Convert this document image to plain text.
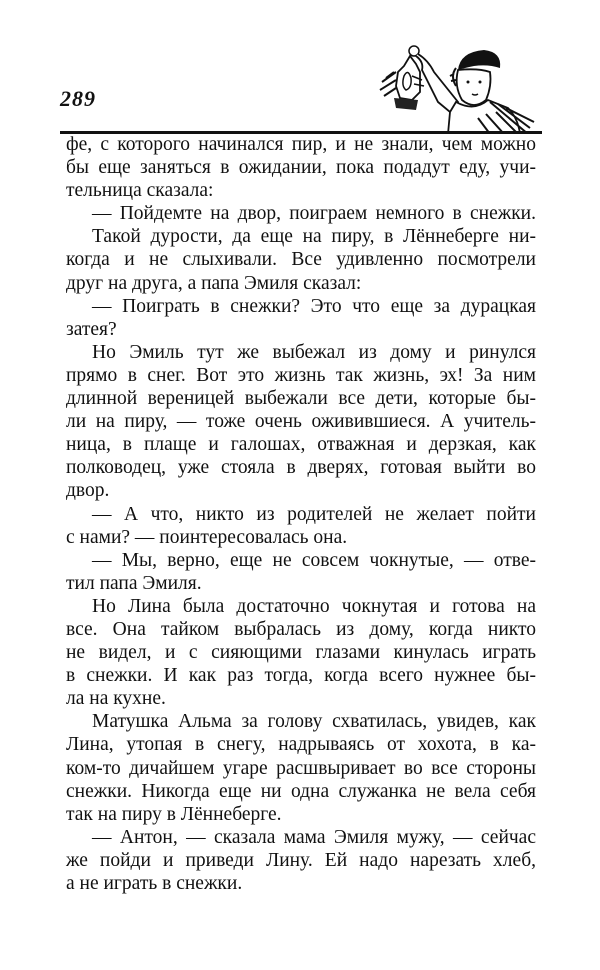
289
фе, с которого начинался пир, и не знали, чем можно
бы еще заняться в ожидании, пока подадут еду, учи-
тельница сказала:
— Пойдемте на двор, поиграем немного в снежки.
Такой дурости, да еще на пиру, в Лённеберге ни-
когда и не слыхивали. Все удивленно посмотрели
друг на друга, а папа Эмиля сказал:
— Поиграть в снежки? Это что еще за дурацкая
затея?
Но Эмиль тут же выбежал из дому и ринулся
прямо в снег. Вот это жизнь так жизнь, эх! За ним
длинной вереницей выбежали все дети, которые бы-
ли на пиру, — тоже очень оживившиеся. А учитель-
ница, в плаще и галошах, отважная и дерзкая, как
полководец, уже стояла в дверях, готовая выйти во
двор.
— А что, никто из родителей не желает пойти
с нами? — поинтересовалась она.
— Мы, верно, еще не совсем чокнутые, — отве-
тил папа Эмиля.
Но Лина была достаточно чокнутая и готова на
все. Она тайком выбралась из дому, когда никто
не видел, и с сияющими глазами кинулась играть
в снежки. И как раз тогда, когда всего нужнее бы-
ла на кухне.
Матушка Альма за голову схватилась, увидев, как
Лина, утопая в снегу, надрываясь от хохота, в ка-
ком-то дичайшем угаре расшвыривает во все стороны
снежки. Никогда еще ни одна служанка не вела себя
так на пиру в Лённеберге.
— Антон, — сказала мама Эмиля мужу, — сейчас
же пойди и приведи Лину. Ей надо нарезать хлеб,
а не играть в снежки.
